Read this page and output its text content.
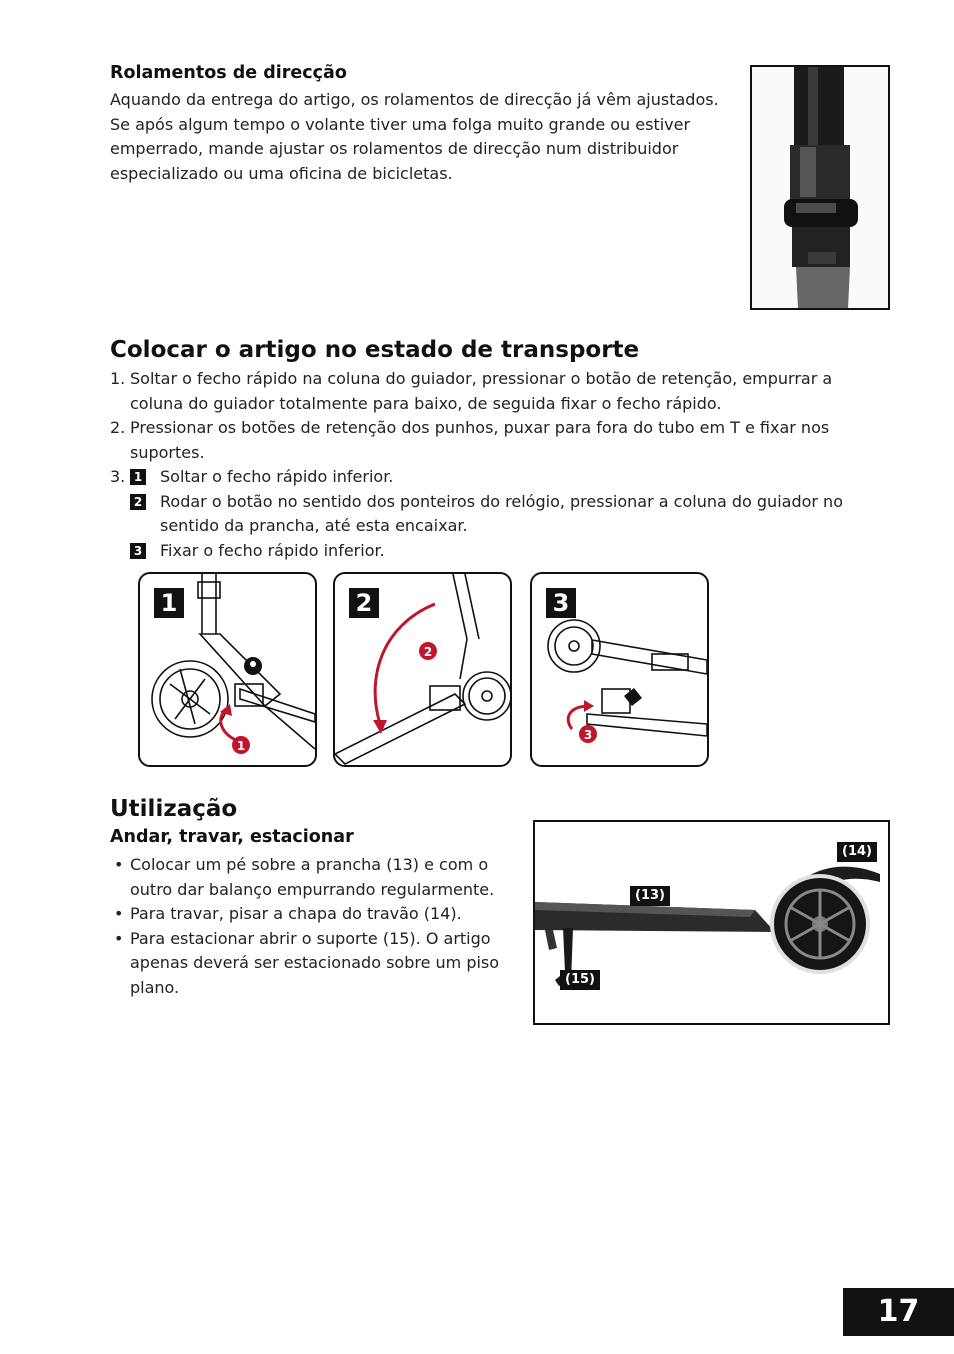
Rolamentos de direcção
Aquando da entrega do artigo, os rolamentos de direcção já vêm ajustados. Se após algum tempo o volante tiver uma folga muito grande ou estiver emperrado, mande ajustar os rolamentos de direcção num distribuidor especializado ou uma oficina de bicicletas.
Colocar o artigo no estado de transporte
1. Soltar o fecho rápido na coluna do guiador, pressionar o botão de retenção, empurrar a coluna do guiador totalmente para baixo, de seguida fixar o fecho rápido.
2. Pressionar os botões de retenção dos punhos, puxar para fora do tubo em T e fixar nos suportes.
3. 1 Soltar o fecho rápido inferior.
2 Rodar o botão no sentido dos ponteiros do relógio, pressionar a coluna do guiador no sentido da prancha, até esta encaixar.
3 Fixar o fecho rápido inferior.
1
1
2
2
3
3
Utilização
Andar, travar, estacionar
• Colocar um pé sobre a prancha (13) e com o outro dar balanço empurrando regularmente.
• Para travar, pisar a chapa do travão (14).
• Para estacionar abrir o suporte (15). O artigo apenas deverá ser estacionado sobre um piso plano.
(14)
(13)
(15)
17
